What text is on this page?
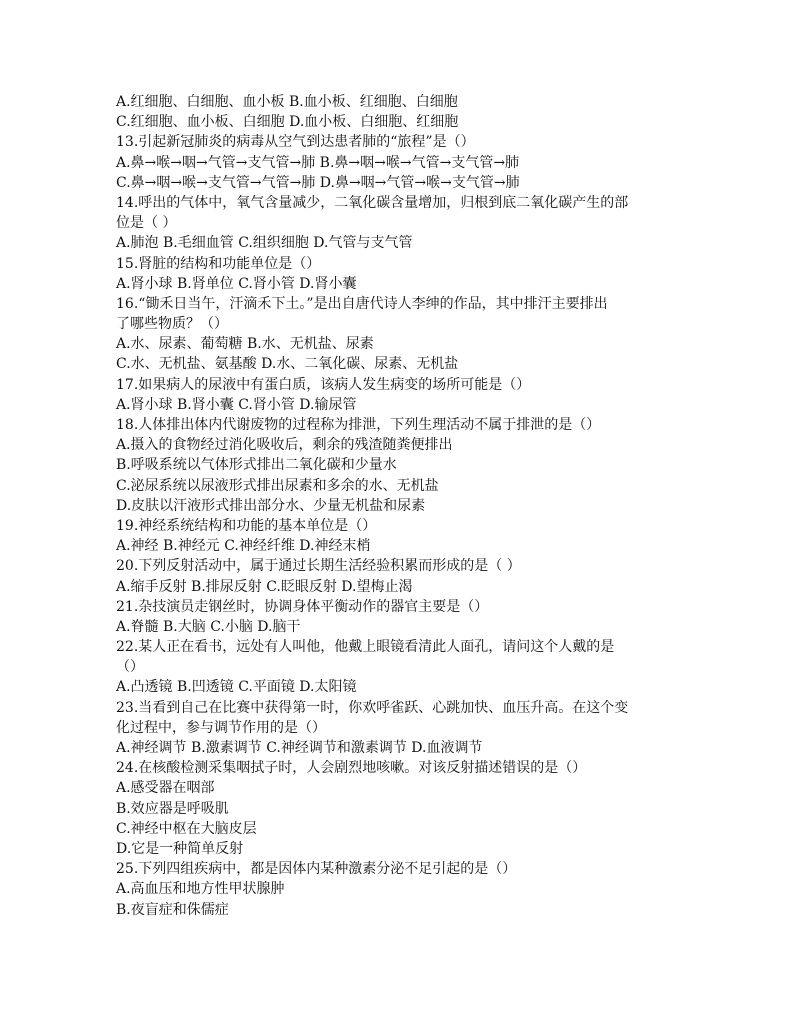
A.红细胞、白细胞、血小板 B.血小板、红细胞、白细胞
C.红细胞、血小板、白细胞 D.血小板、白细胞、红细胞
13.引起新冠肺炎的病毒从空气到达患者肺的“旅程”是（）
A.鼻→喉→咽→气管→支气管→肺 B.鼻→咽→喉→气管→支气管→肺
C.鼻→咽→喉→支气管→气管→肺 D.鼻→咽→气管→喉→支气管→肺
14.呼出的气体中，氧气含量减少，二氧化碳含量增加，归根到底二氧化碳产生的部
位是（ ）
A.肺泡 B.毛细血管 C.组织细胞 D.气管与支气管
15.肾脏的结构和功能单位是（）
A.肾小球 B.肾单位 C.肾小管 D.肾小囊
16.“锄禾日当午，汗滴禾下土。”是出自唐代诗人李绅的作品，其中排汗主要排出
了哪些物质？（）
A.水、尿素、葡萄糖 B.水、无机盐、尿素
C.水、无机盐、氨基酸 D.水、二氧化碳、尿素、无机盐
17.如果病人的尿液中有蛋白质，该病人发生病变的场所可能是（）
A.肾小球 B.肾小囊 C.肾小管 D.输尿管
18.人体排出体内代谢废物的过程称为排泄，下列生理活动不属于排泄的是（）
A.摄入的食物经过消化吸收后，剩余的残渣随粪便排出
B.呼吸系统以气体形式排出二氧化碳和少量水
C.泌尿系统以尿液形式排出尿素和多余的水、无机盐
D.皮肤以汗液形式排出部分水、少量无机盐和尿素
19.神经系统结构和功能的基本单位是（）
A.神经 B.神经元 C.神经纤维 D.神经末梢
20.下列反射活动中，属于通过长期生活经验积累而形成的是（ ）
A.缩手反射 B.排尿反射 C.眨眼反射 D.望梅止渴
21.杂技演员走钢丝时，协调身体平衡动作的器官主要是（）
A.脊髓 B.大脑 C.小脑 D.脑干
22.某人正在看书，远处有人叫他，他戴上眼镜看清此人面孔，请问这个人戴的是
（）
A.凸透镜 B.凹透镜 C.平面镜 D.太阳镜
23.当看到自己在比赛中获得第一时，你欢呼雀跃、心跳加快、血压升高。在这个变
化过程中，参与调节作用的是（）
A.神经调节 B.激素调节 C.神经调节和激素调节 D.血液调节
24.在核酸检测采集咽拭子时，人会剧烈地咳嗽。对该反射描述错误的是（）
A.感受器在咽部
B.效应器是呼吸肌
C.神经中枢在大脑皮层
D.它是一种简单反射
25.下列四组疾病中，都是因体内某种激素分泌不足引起的是（）
A.高血压和地方性甲状腺肿
B.夜盲症和侏儒症
